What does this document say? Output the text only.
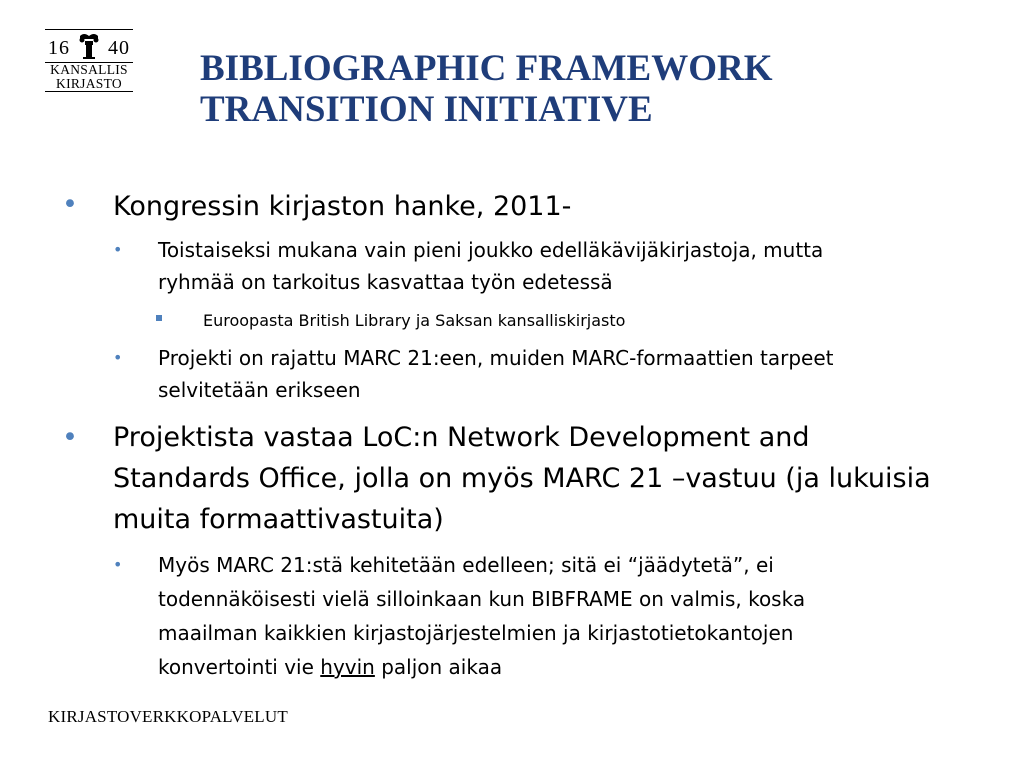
16 40
KANSALLIS
KIRJASTO	BIBLIOGRAPHIC FRAMEWORK
TRANSITION INITIATIVE
• Kongressin kirjaston hanke, 2011-
• Toistaiseksi mukana vain pieni joukko edelläkävijäkirjastoja, mutta
ryhmää on tarkoitus kasvattaa työn edetessä
Euroopasta British Library ja Saksan kansalliskirjasto
• Projekti on rajattu MARC 21:een, muiden MARC-formaattien tarpeet
selvitetään erikseen
• Projektista vastaa LoC:n Network Development and
Standards Office, jolla on myös MARC 21 –vastuu (ja lukuisia
muita formaattivastuita)
• Myös MARC 21:stä kehitetään edelleen; sitä ei “jäädytetä”, ei
todennäköisesti vielä silloinkaan kun BIBFRAME on valmis, koska
maailman kaikkien kirjastojärjestelmien ja kirjastotietokantojen
konvertointi vie hyvin paljon aikaa
KIRJASTOVERKKOPALVELUT
